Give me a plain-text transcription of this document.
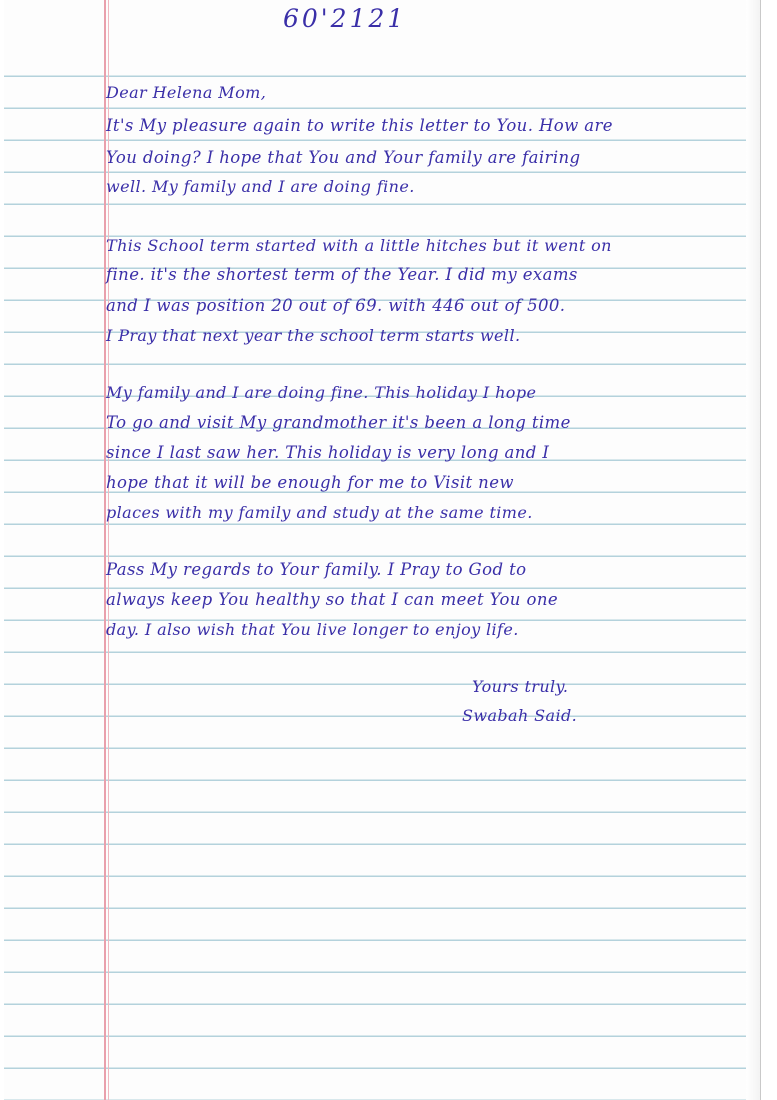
60'2121
Dear Helena Mom,
It's My pleasure again to write this letter to You. How are
You doing? I hope that You and Your family are fairing
well. My family and I are doing fine.
This School term started with a little hitches but it went on
fine. it's the shortest term of the Year. I did my exams
and I was position 20 out of 69. with 446 out of 500.
I Pray that next year the school term starts well.
My family and I are doing fine. This holiday I hope
To go and visit My grandmother it's been a long time
since I last saw her. This holiday is very long and I
hope that it will be enough for me to Visit new
places with my family and study at the same time.
Pass My regards to Your family. I Pray to God to
always keep You healthy so that I can meet You one
day. I also wish that You live longer to enjoy life.
Yours truly.
Swabah Said.
